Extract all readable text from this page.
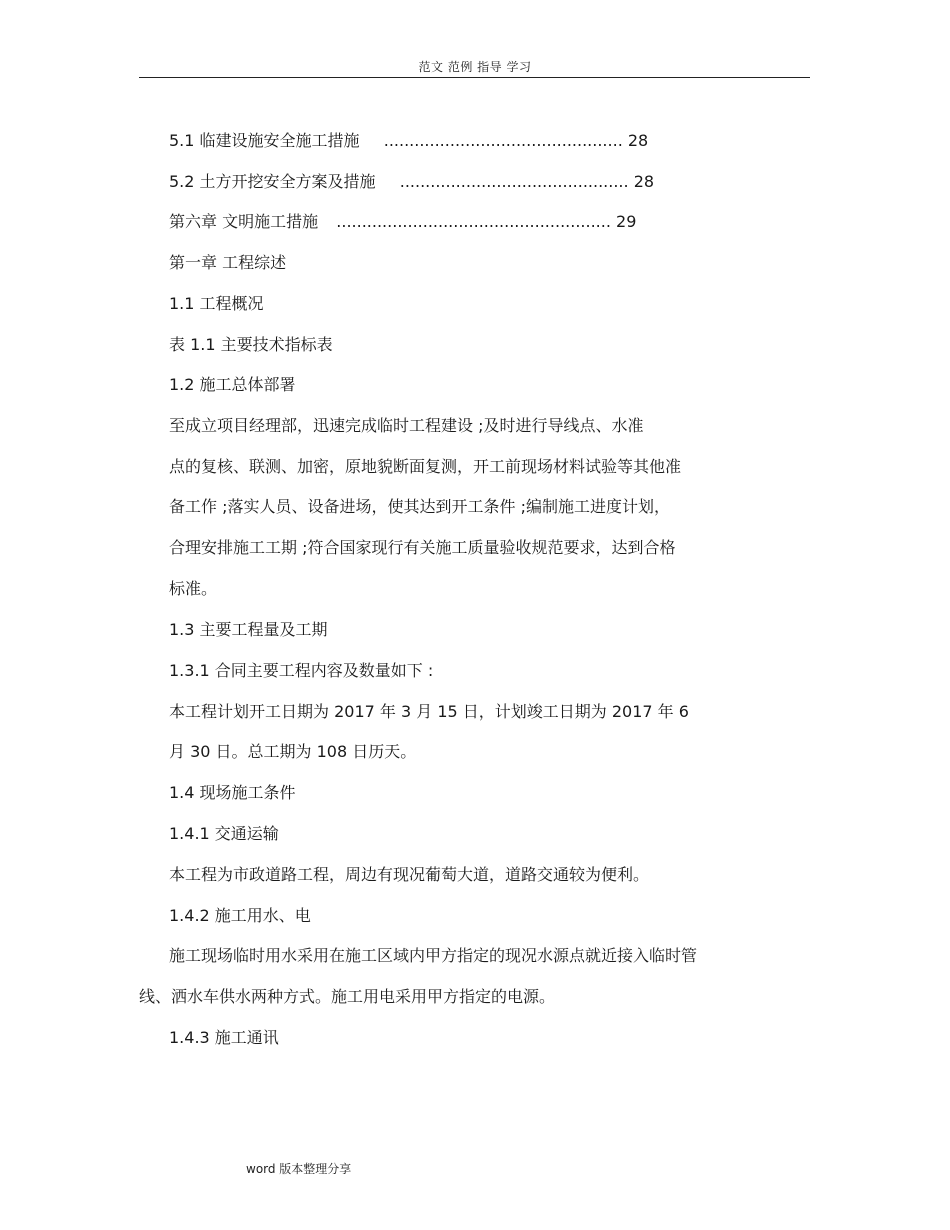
范文 范例 指导 学习
5.1 临建设施安全施工措施 ............................................... 28
5.2 土方开挖安全方案及措施 ............................................. 28
第六章 文明施工措施 ...................................................... 29
第一章 工程综述
1.1 工程概况
表 1.1 主要技术指标表
1.2 施工总体部署
至成立项目经理部，迅速完成临时工程建设 ;及时进行导线点、水准
点的复核、联测、加密，原地貌断面复测，开工前现场材料试验等其他准
备工作 ;落实人员、设备进场，使其达到开工条件 ;编制施工进度计划，
合理安排施工工期 ;符合国家现行有关施工质量验收规范要求，达到合格
标准。
1.3 主要工程量及工期
1.3.1 合同主要工程内容及数量如下 :
本工程计划开工日期为 2017 年 3 月 15 日，计划竣工日期为 2017 年 6
月 30 日。总工期为 108 日历天。
1.4 现场施工条件
1.4.1 交通运输
本工程为市政道路工程，周边有现况葡萄大道，道路交通较为便利。
1.4.2 施工用水、电
施工现场临时用水采用在施工区域内甲方指定的现况水源点就近接入临时管
线、洒水车供水两种方式。施工用电采用甲方指定的电源。
1.4.3 施工通讯
word 版本整理分享
